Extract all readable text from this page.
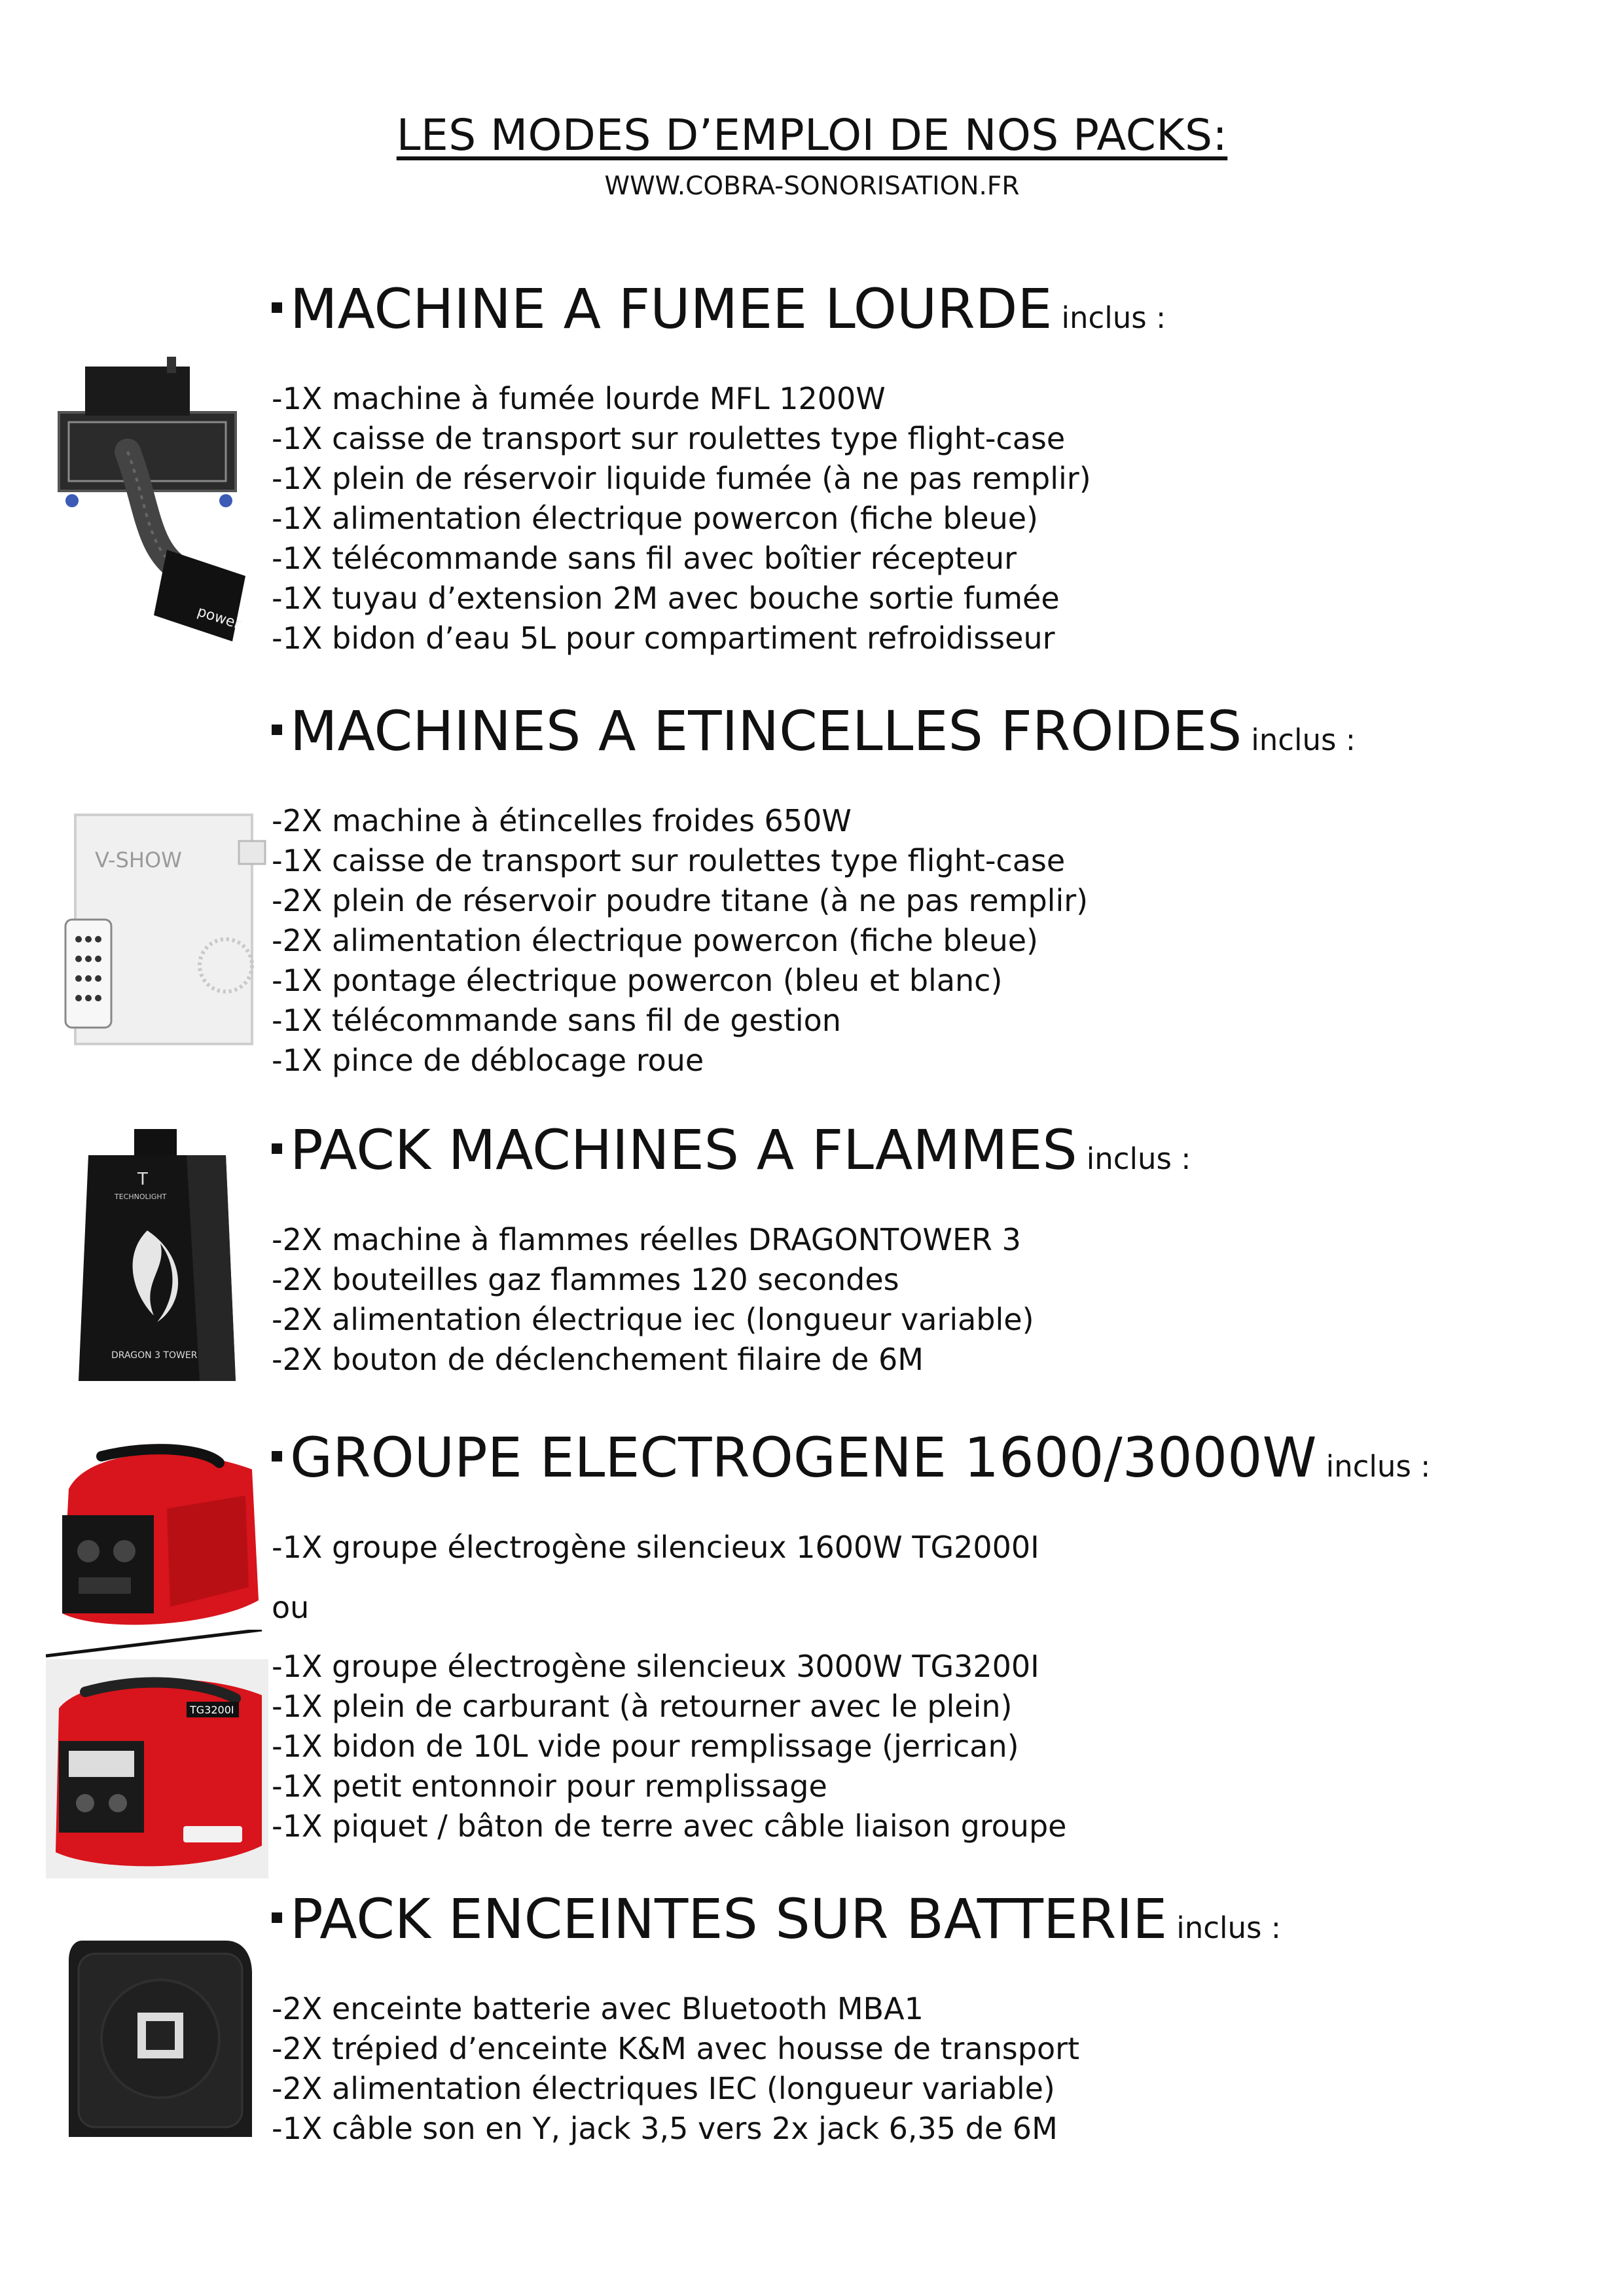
LES MODES D’EMPLOI DE NOS PACKS:
WWW.COBRA-SONORISATION.FR
MACHINE A FUMEE LOURDE inclus :
-1X machine à fumée lourde MFL 1200W
-1X caisse de transport sur roulettes type flight-case
-1X plein de réservoir liquide fumée (à ne pas remplir)
-1X alimentation électrique powercon (fiche bleue)
-1X télécommande sans fil avec boîtier récepteur
-1X tuyau d’extension 2M avec bouche sortie fumée
-1X bidon d’eau 5L pour compartiment refroidisseur
power
MACHINES A ETINCELLES FROIDES inclus :
-2X machine à étincelles froides 650W
-1X caisse de transport sur roulettes type flight-case
-2X plein de réservoir poudre titane (à ne pas remplir)
-2X alimentation électrique powercon (fiche bleue)
-1X pontage électrique powercon (bleu et blanc)
-1X télécommande sans fil de gestion
-1X pince de déblocage roue
V-SHOW
PACK MACHINES A FLAMMES inclus :
-2X machine à flammes réelles DRAGONTOWER 3
-2X bouteilles gaz flammes 120 secondes
-2X alimentation électrique iec (longueur variable)
-2X bouton de déclenchement filaire de 6M
T
TECHNOLIGHT
DRAGON 3 TOWER
GROUPE ELECTROGENE 1600/3000W inclus :
-1X groupe électrogène silencieux 1600W TG2000I
ou
-1X groupe électrogène silencieux 3000W TG3200I
-1X plein de carburant (à retourner avec le plein)
-1X bidon de 10L vide pour remplissage (jerrican)
-1X petit entonnoir pour remplissage
-1X piquet / bâton de terre avec câble liaison groupe
TG3200I
PACK ENCEINTES SUR BATTERIE inclus :
-2X enceinte batterie avec Bluetooth MBA1
-2X trépied d’enceinte K&M avec housse de transport
-2X alimentation électriques IEC (longueur variable)
-1X câble son en Y, jack 3,5 vers 2x jack 6,35 de 6M
